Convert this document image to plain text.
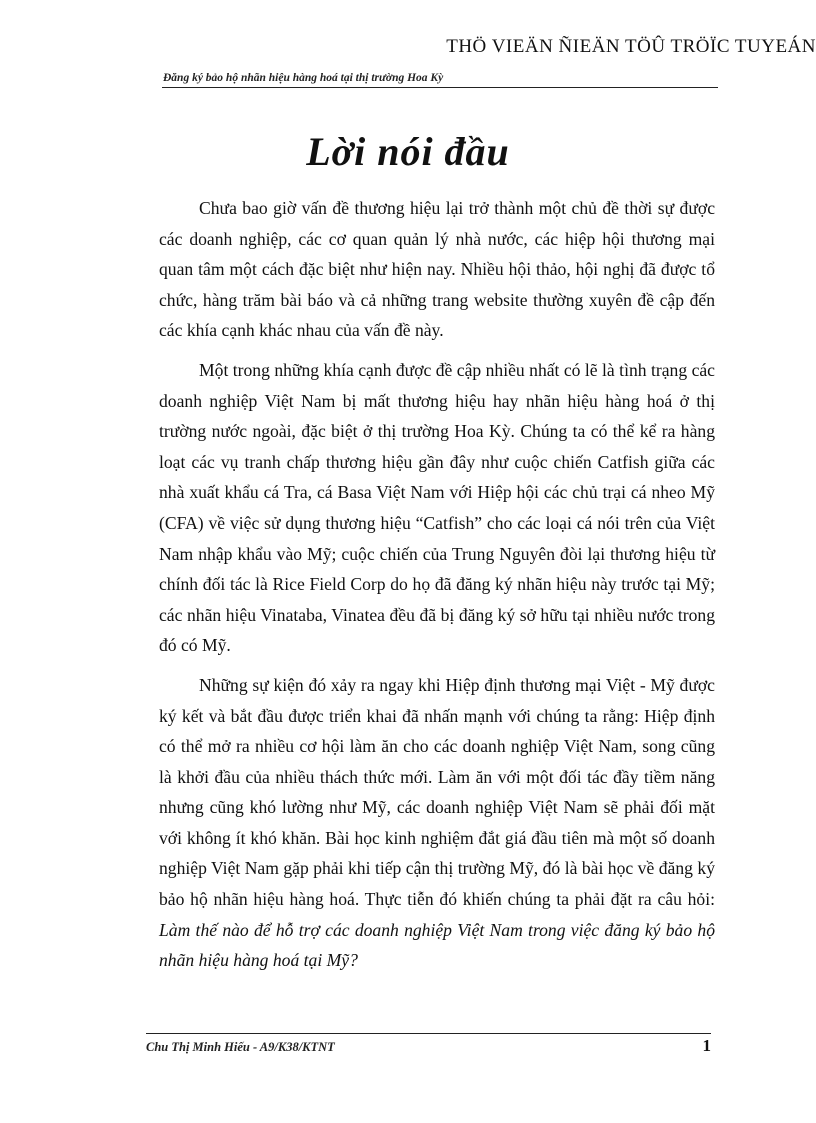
THÖ VIEÄN ÑIEÄN TÖÛ TRÖÏC TUYEÁN
Đăng ký bảo hộ nhãn hiệu hàng hoá tại thị trường Hoa Kỳ
Lời nói đầu

Chưa bao giờ vấn đề thương hiệu lại trở thành một chủ đề thời sự được các doanh nghiệp, các cơ quan quản lý nhà nước, các hiệp hội thương mại quan tâm một cách đặc biệt như hiện nay. Nhiều hội thảo, hội nghị đã được tổ chức, hàng trăm bài báo và cả những trang website thường xuyên đề cập đến các khía cạnh khác nhau của vấn đề này.

Một trong những khía cạnh được đề cập nhiều nhất có lẽ là tình trạng các doanh nghiệp Việt Nam bị mất thương hiệu hay nhãn hiệu hàng hoá ở thị trường nước ngoài, đặc biệt ở thị trường Hoa Kỳ. Chúng ta có thể kể ra hàng loạt các vụ tranh chấp thương hiệu gần đây như cuộc chiến Catfish giữa các nhà xuất khẩu cá Tra, cá Basa Việt Nam với Hiệp hội các chủ trại cá nheo Mỹ (CFA) về việc sử dụng thương hiệu “Catfish” cho các loại cá nói trên của Việt Nam nhập khẩu vào Mỹ; cuộc chiến của Trung Nguyên đòi lại thương hiệu từ chính đối tác là Rice Field Corp do họ đã đăng ký nhãn hiệu này trước tại Mỹ; các nhãn hiệu Vinataba, Vinatea đều đã bị đăng ký sở hữu tại nhiều nước trong đó có Mỹ.

Những sự kiện đó xảy ra ngay khi Hiệp định thương mại Việt - Mỹ được ký kết và bắt đầu được triển khai đã nhấn mạnh với chúng ta rằng: Hiệp định có thể mở ra nhiều cơ hội làm ăn cho các doanh nghiệp Việt Nam, song cũng là khởi đầu của nhiều thách thức mới. Làm ăn với một đối tác đầy tiềm năng nhưng cũng khó lường như Mỹ, các doanh nghiệp Việt Nam sẽ phải đối mặt với không ít khó khăn. Bài học kinh nghiệm đắt giá đầu tiên mà một số doanh nghiệp Việt Nam gặp phải khi tiếp cận thị trường Mỹ, đó là bài học về đăng ký bảo hộ nhãn hiệu hàng hoá. Thực tiễn đó khiến chúng ta phải đặt ra câu hỏi: Làm thế nào để hỗ trợ các doanh nghiệp Việt Nam trong việc đăng ký bảo hộ nhãn hiệu hàng hoá tại Mỹ?

Chu Thị Minh Hiếu - A9/K38/KTNT	1
